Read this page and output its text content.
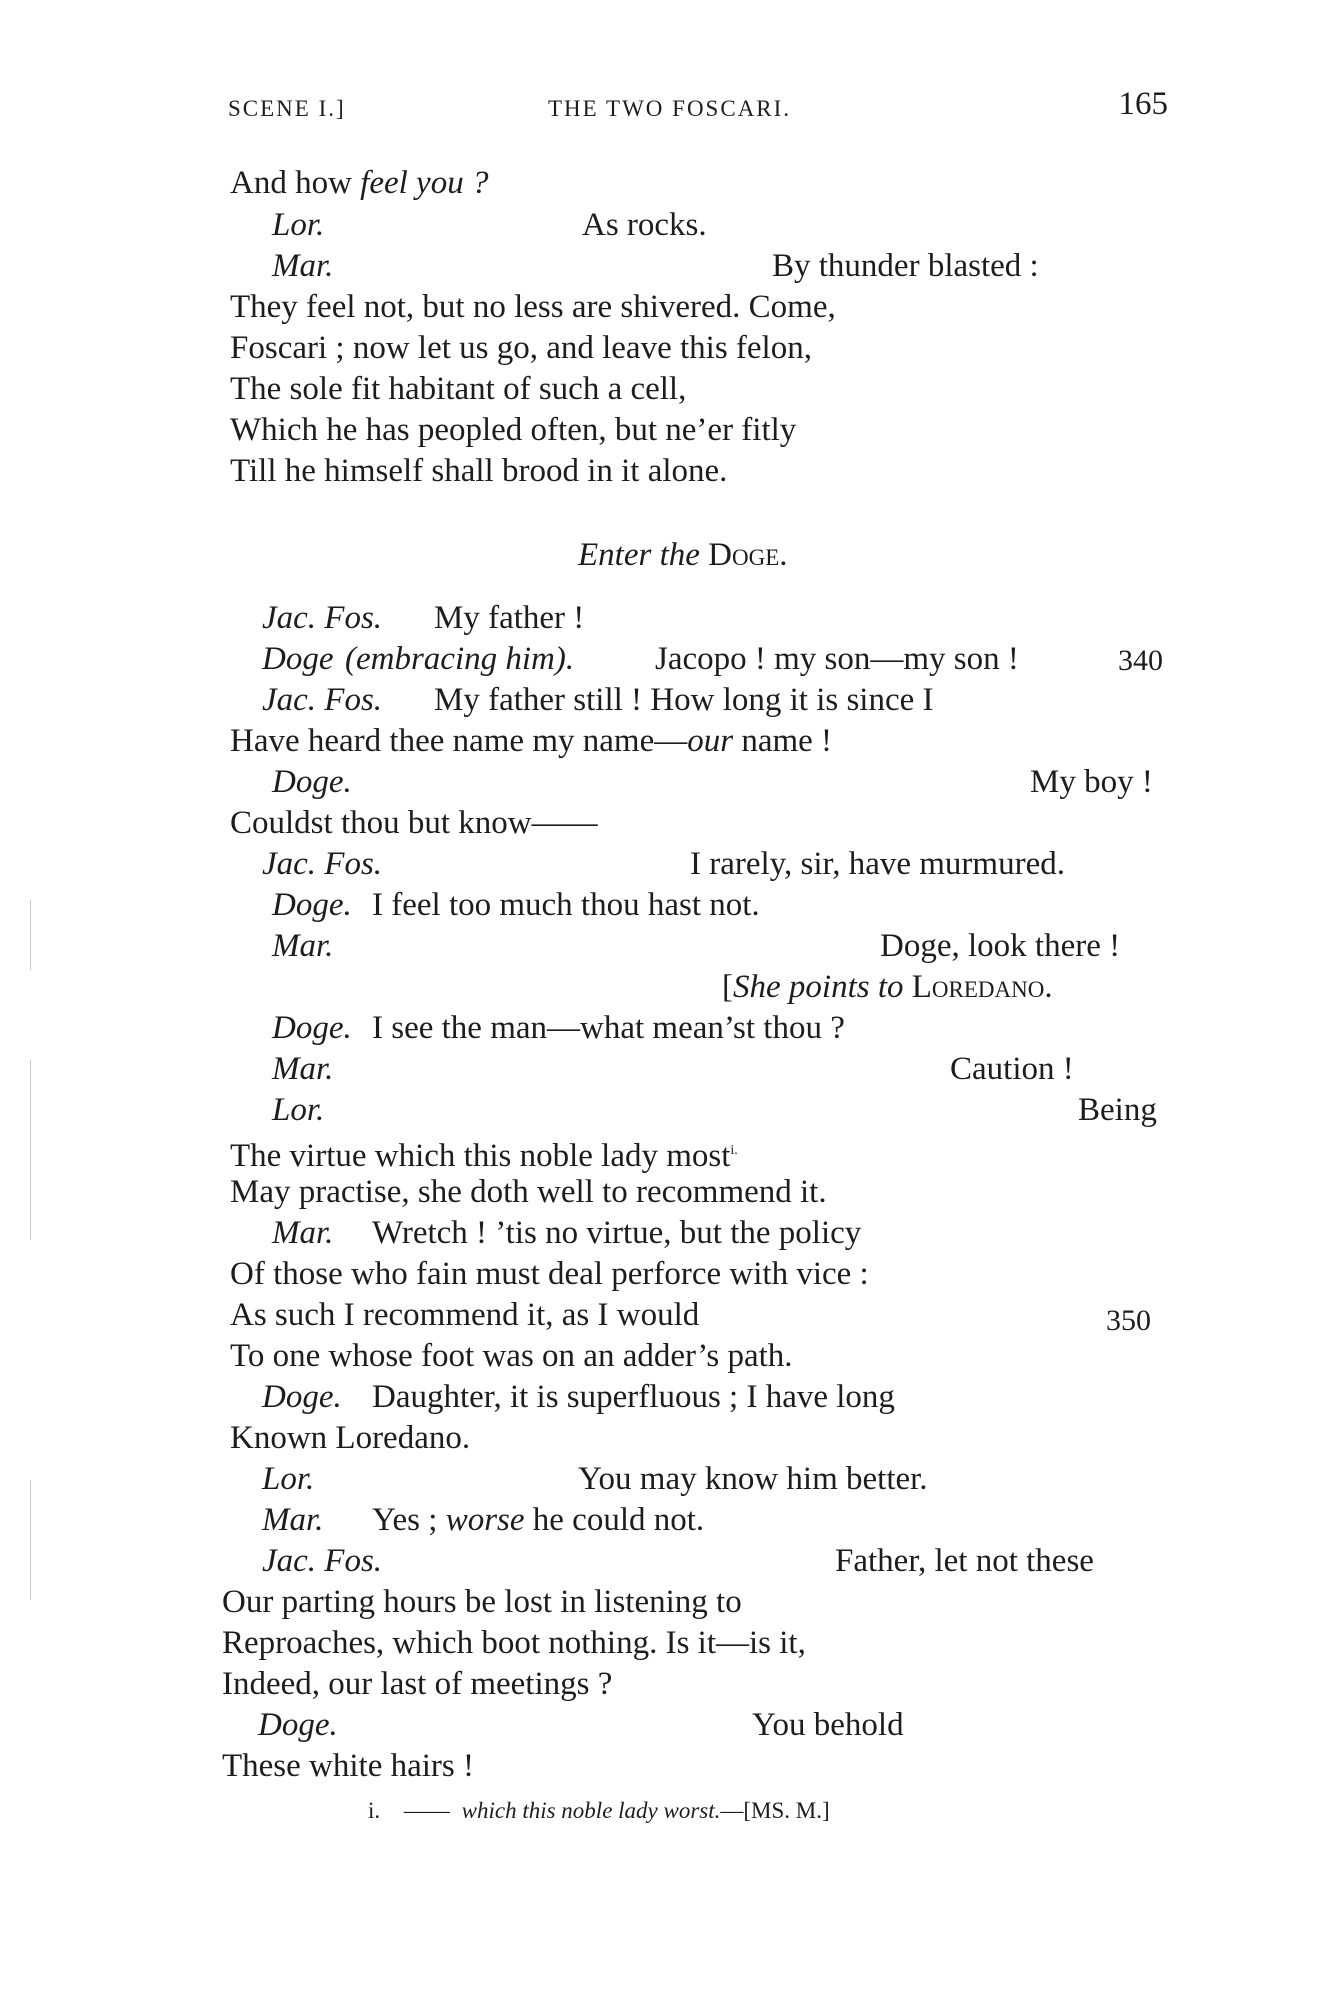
SCENE I.]	THE TWO FOSCARI.	165
And how feel you ?
Lor.	As rocks.
Mar.	By thunder blasted :
They feel not, but no less are shivered. Come,
Foscari ; now let us go, and leave this felon,
The sole fit habitant of such a cell,
Which he has peopled often, but ne’er fitly
Till he himself shall brood in it alone.
Enter the Doge.
Jac. Fos. My father !
Doge (embracing him). Jacopo ! my son—my son !	340
Jac. Fos. My father still ! How long it is since I
Have heard thee name my name—our name !
Doge.	My boy !
Couldst thou but know——
Jac. Fos.	I rarely, sir, have murmured.
Doge. I feel too much thou hast not.
Mar.	Doge, look there !
[She points to Loredano.
Doge. I see the man—what mean’st thou ?
Mar.	Caution !
Lor.	Being
The virtue which this noble lady most$^{i.}$
May practise, she doth well to recommend it.
Mar. Wretch ! ’tis no virtue, but the policy
Of those who fain must deal perforce with vice :
As such I recommend it, as I would	350
To one whose foot was on an adder’s path.
Doge. Daughter, it is superfluous ; I have long
Known Loredano.
Lor.	You may know him better.
Mar. Yes ; worse he could not.
Jac. Fos.	Father, let not these
Our parting hours be lost in listening to
Reproaches, which boot nothing. Is it—is it,
Indeed, our last of meetings ?
Doge.	You behold
These white hairs !
i. —— which this noble lady worst.—[MS. M.]
